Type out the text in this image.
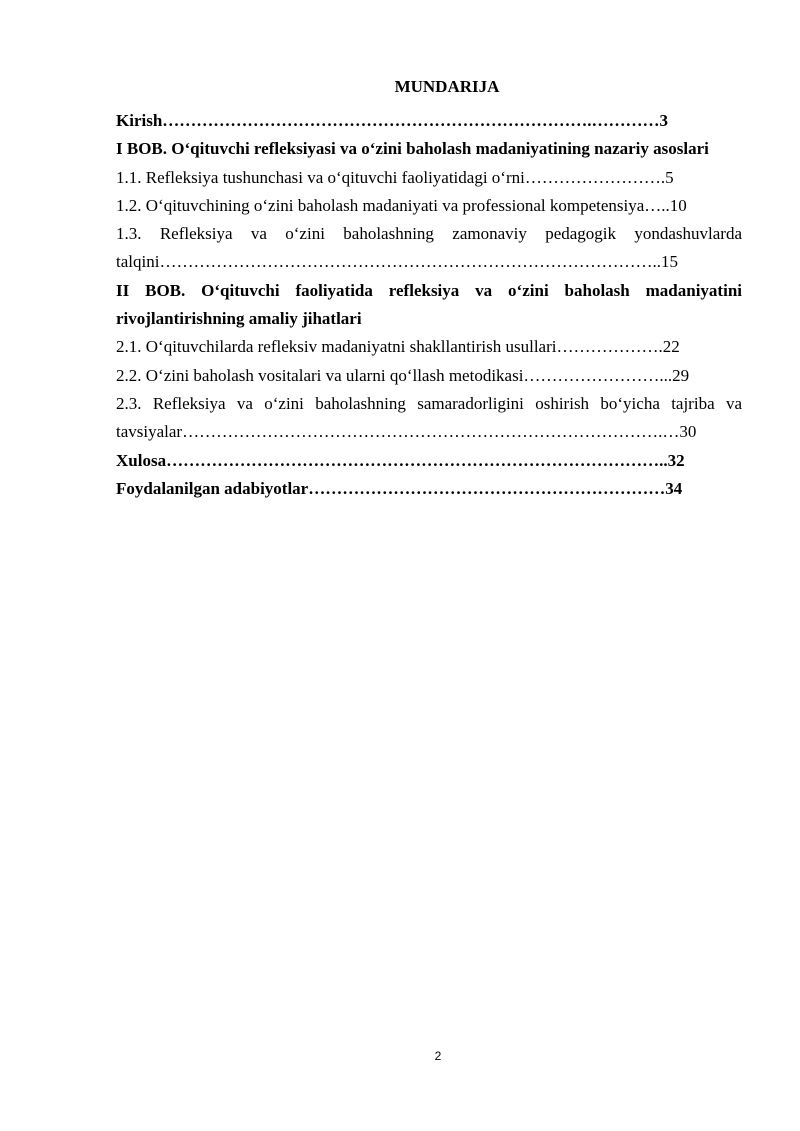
MUNDARIJA
Kirish………………………………………………………………….…………3
I BOB. O‘qituvchi refleksiyasi va o‘zini baholash madaniyatining nazariy asoslari
1.1. Refleksiya tushunchasi va o‘qituvchi faoliyatidagi o‘rni…………………….5
1.2. O‘qituvchining o‘zini baholash madaniyati va professional kompetensiya…..10
1.3. Refleksiya va o‘zini baholashning zamonaviy pedagogik yondashuvlarda talqini……………………………………………………………………………..15
II BOB. O‘qituvchi faoliyatida refleksiya va o‘zini baholash madaniyatini rivojlantirishning amaliy jihatlari
2.1. O‘qituvchilarda refleksiv madaniyatni shakllantirish usullari……………….22
2.2. O‘zini baholash vositalari va ularni qo‘llash metodikasi……………………...29
2.3. Refleksiya va o‘zini baholashning samaradorligini oshirish bo‘yicha tajriba va tavsiyalar………………………………………………………………………….…30
Xulosa……………………………………………………………………………..32
Foydalanilgan adabiyotlar………………………………………………………34
2
